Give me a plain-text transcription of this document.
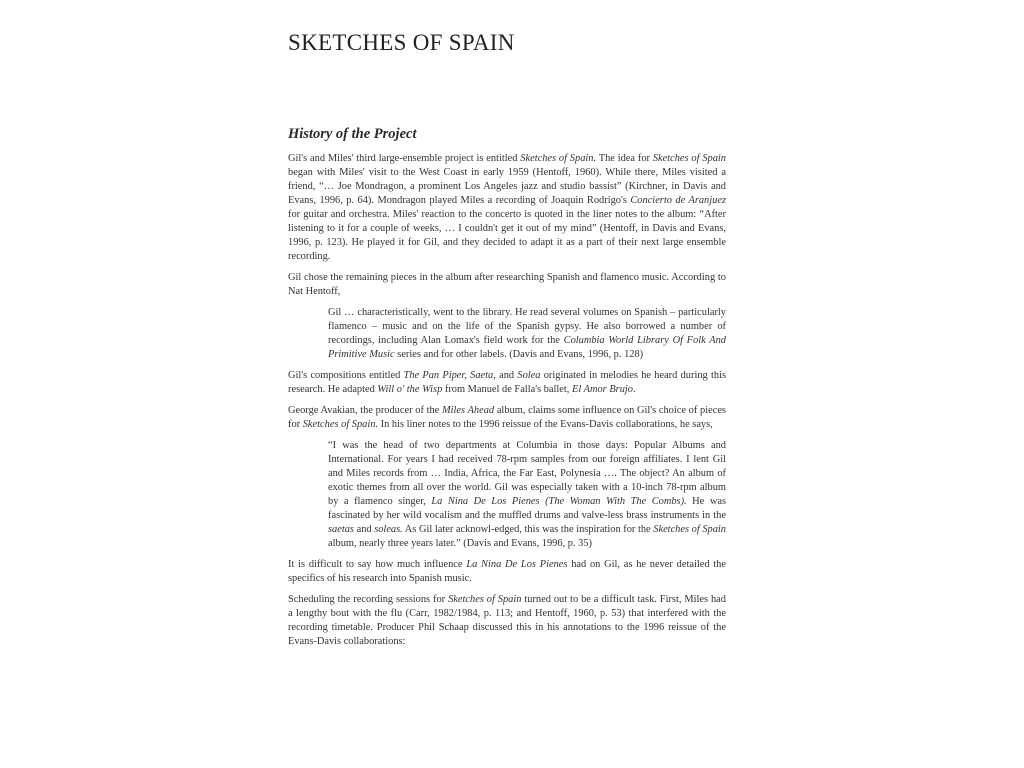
SKETCHES OF SPAIN
History of the Project

Gil's and Miles' third large-ensemble project is entitled Sketches of Spain. The idea for Sketches of Spain began with Miles' visit to the West Coast in early 1959 (Hentoff, 1960). While there, Miles visited a friend, “… Joe Mondragon, a prominent Los Angeles jazz and studio bassist” (Kirchner, in Davis and Evans, 1996, p. 64). Mondragon played Miles a recording of Joaquin Rodrigo's Concierto de Aranjuez for guitar and orchestra. Miles' reaction to the concerto is quoted in the liner notes to the album: “After listening to it for a couple of weeks, … I couldn't get it out of my mind” (Hentoff, in Davis and Evans, 1996, p. 123). He played it for Gil, and they decided to adapt it as a part of their next large ensemble recording.

Gil chose the remaining pieces in the album after researching Spanish and flamenco music. According to Nat Hentoff,

Gil … characteristically, went to the library. He read several volumes on Spanish – particularly flamenco – music and on the life of the Spanish gypsy. He also borrowed a number of recordings, including Alan Lomax's field work for the Columbia World Library Of Folk And Primitive Music series and for other labels. (Davis and Evans, 1996, p. 128)

Gil's compositions entitled The Pan Piper, Saeta, and Solea originated in melodies he heard during this research. He adapted Will o' the Wisp from Manuel de Falla's ballet, El Amor Brujo.

George Avakian, the producer of the Miles Ahead album, claims some influence on Gil's choice of pieces for Sketches of Spain. In his liner notes to the 1996 reissue of the Evans-Davis collaborations, he says,

“I was the head of two departments at Columbia in those days: Popular Albums and International. For years I had received 78-rpm samples from our foreign affiliates. I lent Gil and Miles records from … India, Africa, the Far East, Polynesia …. The object? An album of exotic themes from all over the world. Gil was especially taken with a 10-inch 78-rpm album by a flamenco singer, La Nina De Los Pienes (The Woman With The Combs). He was fascinated by her wild vocalism and the muffled drums and valve-less brass instruments in the saetas and soleas. As Gil later acknowl-edged, this was the inspiration for the Sketches of Spain album, nearly three years later.” (Davis and Evans, 1996, p. 35)

It is difficult to say how much influence La Nina De Los Pienes had on Gil, as he never detailed the specifics of his research into Spanish music.

Scheduling the recording sessions for Sketches of Spain turned out to be a difficult task. First, Miles had a lengthy bout with the flu (Carr, 1982/1984, p. 113; and Hentoff, 1960, p. 53) that interfered with the recording timetable. Producer Phil Schaap discussed this in his annotations to the 1996 reissue of the Evans-Davis collaborations:
